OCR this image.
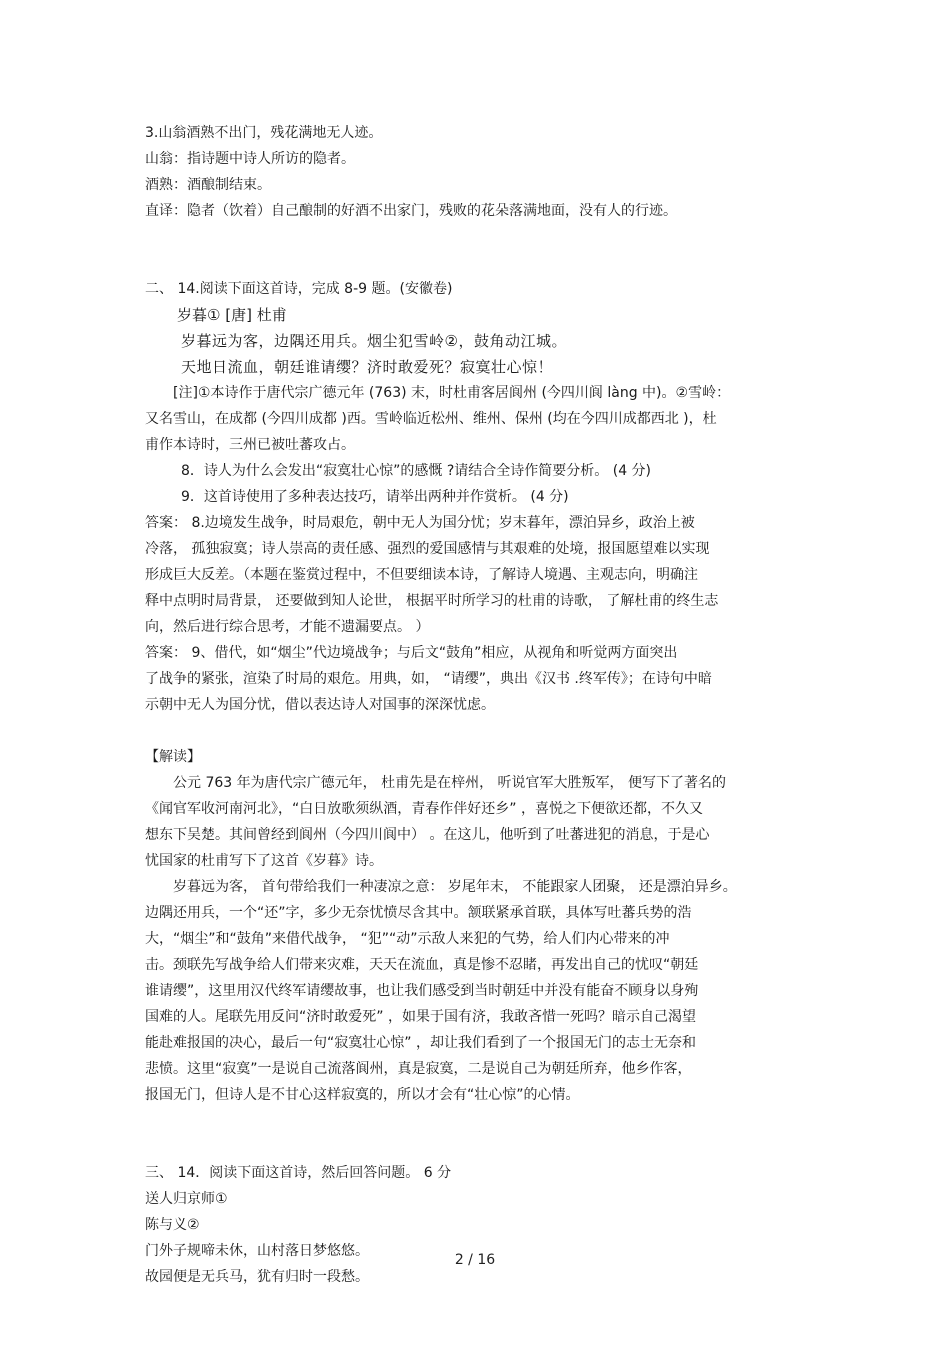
3.山翁酒熟不出门，残花满地无人迹。

山翁：指诗题中诗人所访的隐者。

酒熟：酒酿制结束。

直译：隐者（饮着）自己酿制的好酒不出家门，残败的花朵落满地面，没有人的行迹。

二、 14.阅读下面这首诗，完成 8-9 题。(安徽卷)

岁暮① [唐] 杜甫

岁暮远为客，边隅还用兵。烟尘犯雪岭②，鼓角动江城。

天地日流血，朝廷谁请缨？济时敢爱死？寂寞壮心惊！

[注]①本诗作于唐代宗广德元年 (763) 末，时杜甫客居阆州 (今四川阆 làng 中)。②雪岭：

又名雪山，在成都 (今四川成都 )西。雪岭临近松州、维州、保州 (均在今四川成都西北 )，杜

甫作本诗时，三州已被吐蕃攻占。

8．诗人为什么会发出“寂寞壮心惊”的感慨 ?请结合全诗作简要分析。 (4 分)

9．这首诗使用了多种表达技巧，请举出两种并作赏析。 (4 分)

答案： 8.边境发生战争，时局艰危，朝中无人为国分忧；岁末暮年，漂泊异乡，政治上被

冷落， 孤独寂寞；诗人崇高的责任感、强烈的爱国感情与其艰难的处境，报国愿望难以实现

形成巨大反差。（本题在鉴赏过程中，不但要细读本诗，了解诗人境遇、主观志向，明确注

释中点明时局背景， 还要做到知人论世， 根据平时所学习的杜甫的诗歌， 了解杜甫的终生志

向，然后进行综合思考，才能不遗漏要点。 ）

答案： 9、借代，如“烟尘”代边境战争；与后文“鼓角”相应，从视角和听觉两方面突出

了战争的紧张，渲染了时局的艰危。用典，如， “请缨”，典出《汉书 .终军传》；在诗句中暗

示朝中无人为国分忧，借以表达诗人对国事的深深忧虑。

【解读】

公元 763 年为唐代宗广德元年， 杜甫先是在梓州， 听说官军大胜叛军， 便写下了著名的

《闻官军收河南河北》，“白日放歌须纵酒，青春作伴好还乡” ，喜悦之下便欲还都，不久又

想东下吴楚。其间曾经到阆州（今四川阆中） 。在这儿，他听到了吐蕃进犯的消息，于是心

忧国家的杜甫写下了这首《岁暮》诗。

岁暮远为客， 首句带给我们一种凄凉之意： 岁尾年末， 不能跟家人团聚， 还是漂泊异乡。

边隅还用兵，一个“还”字，多少无奈忧愤尽含其中。颔联紧承首联，具体写吐蕃兵势的浩

大，“烟尘”和“鼓角”来借代战争， “犯”“动”示敌人来犯的气势，给人们内心带来的冲

击。颈联先写战争给人们带来灾难，天天在流血，真是惨不忍睹，再发出自己的忧叹“朝廷

谁请缨”，这里用汉代终军请缨故事，也让我们感受到当时朝廷中并没有能奋不顾身以身殉

国难的人。尾联先用反问“济时敢爱死” ，如果于国有济，我敢吝惜一死吗？暗示自己渴望

能赴难报国的决心，最后一句“寂寞壮心惊” ，却让我们看到了一个报国无门的志士无奈和

悲愤。这里“寂寞”一是说自己流落阆州，真是寂寞，二是说自己为朝廷所弃，他乡作客，

报国无门，但诗人是不甘心这样寂寞的，所以才会有“壮心惊”的心情。

三、 14．阅读下面这首诗，然后回答问题。 6 分

送人归京师①

陈与义②

门外子规啼未休，山村落日梦悠悠。

故园便是无兵马，犹有归时一段愁。

2 / 16
